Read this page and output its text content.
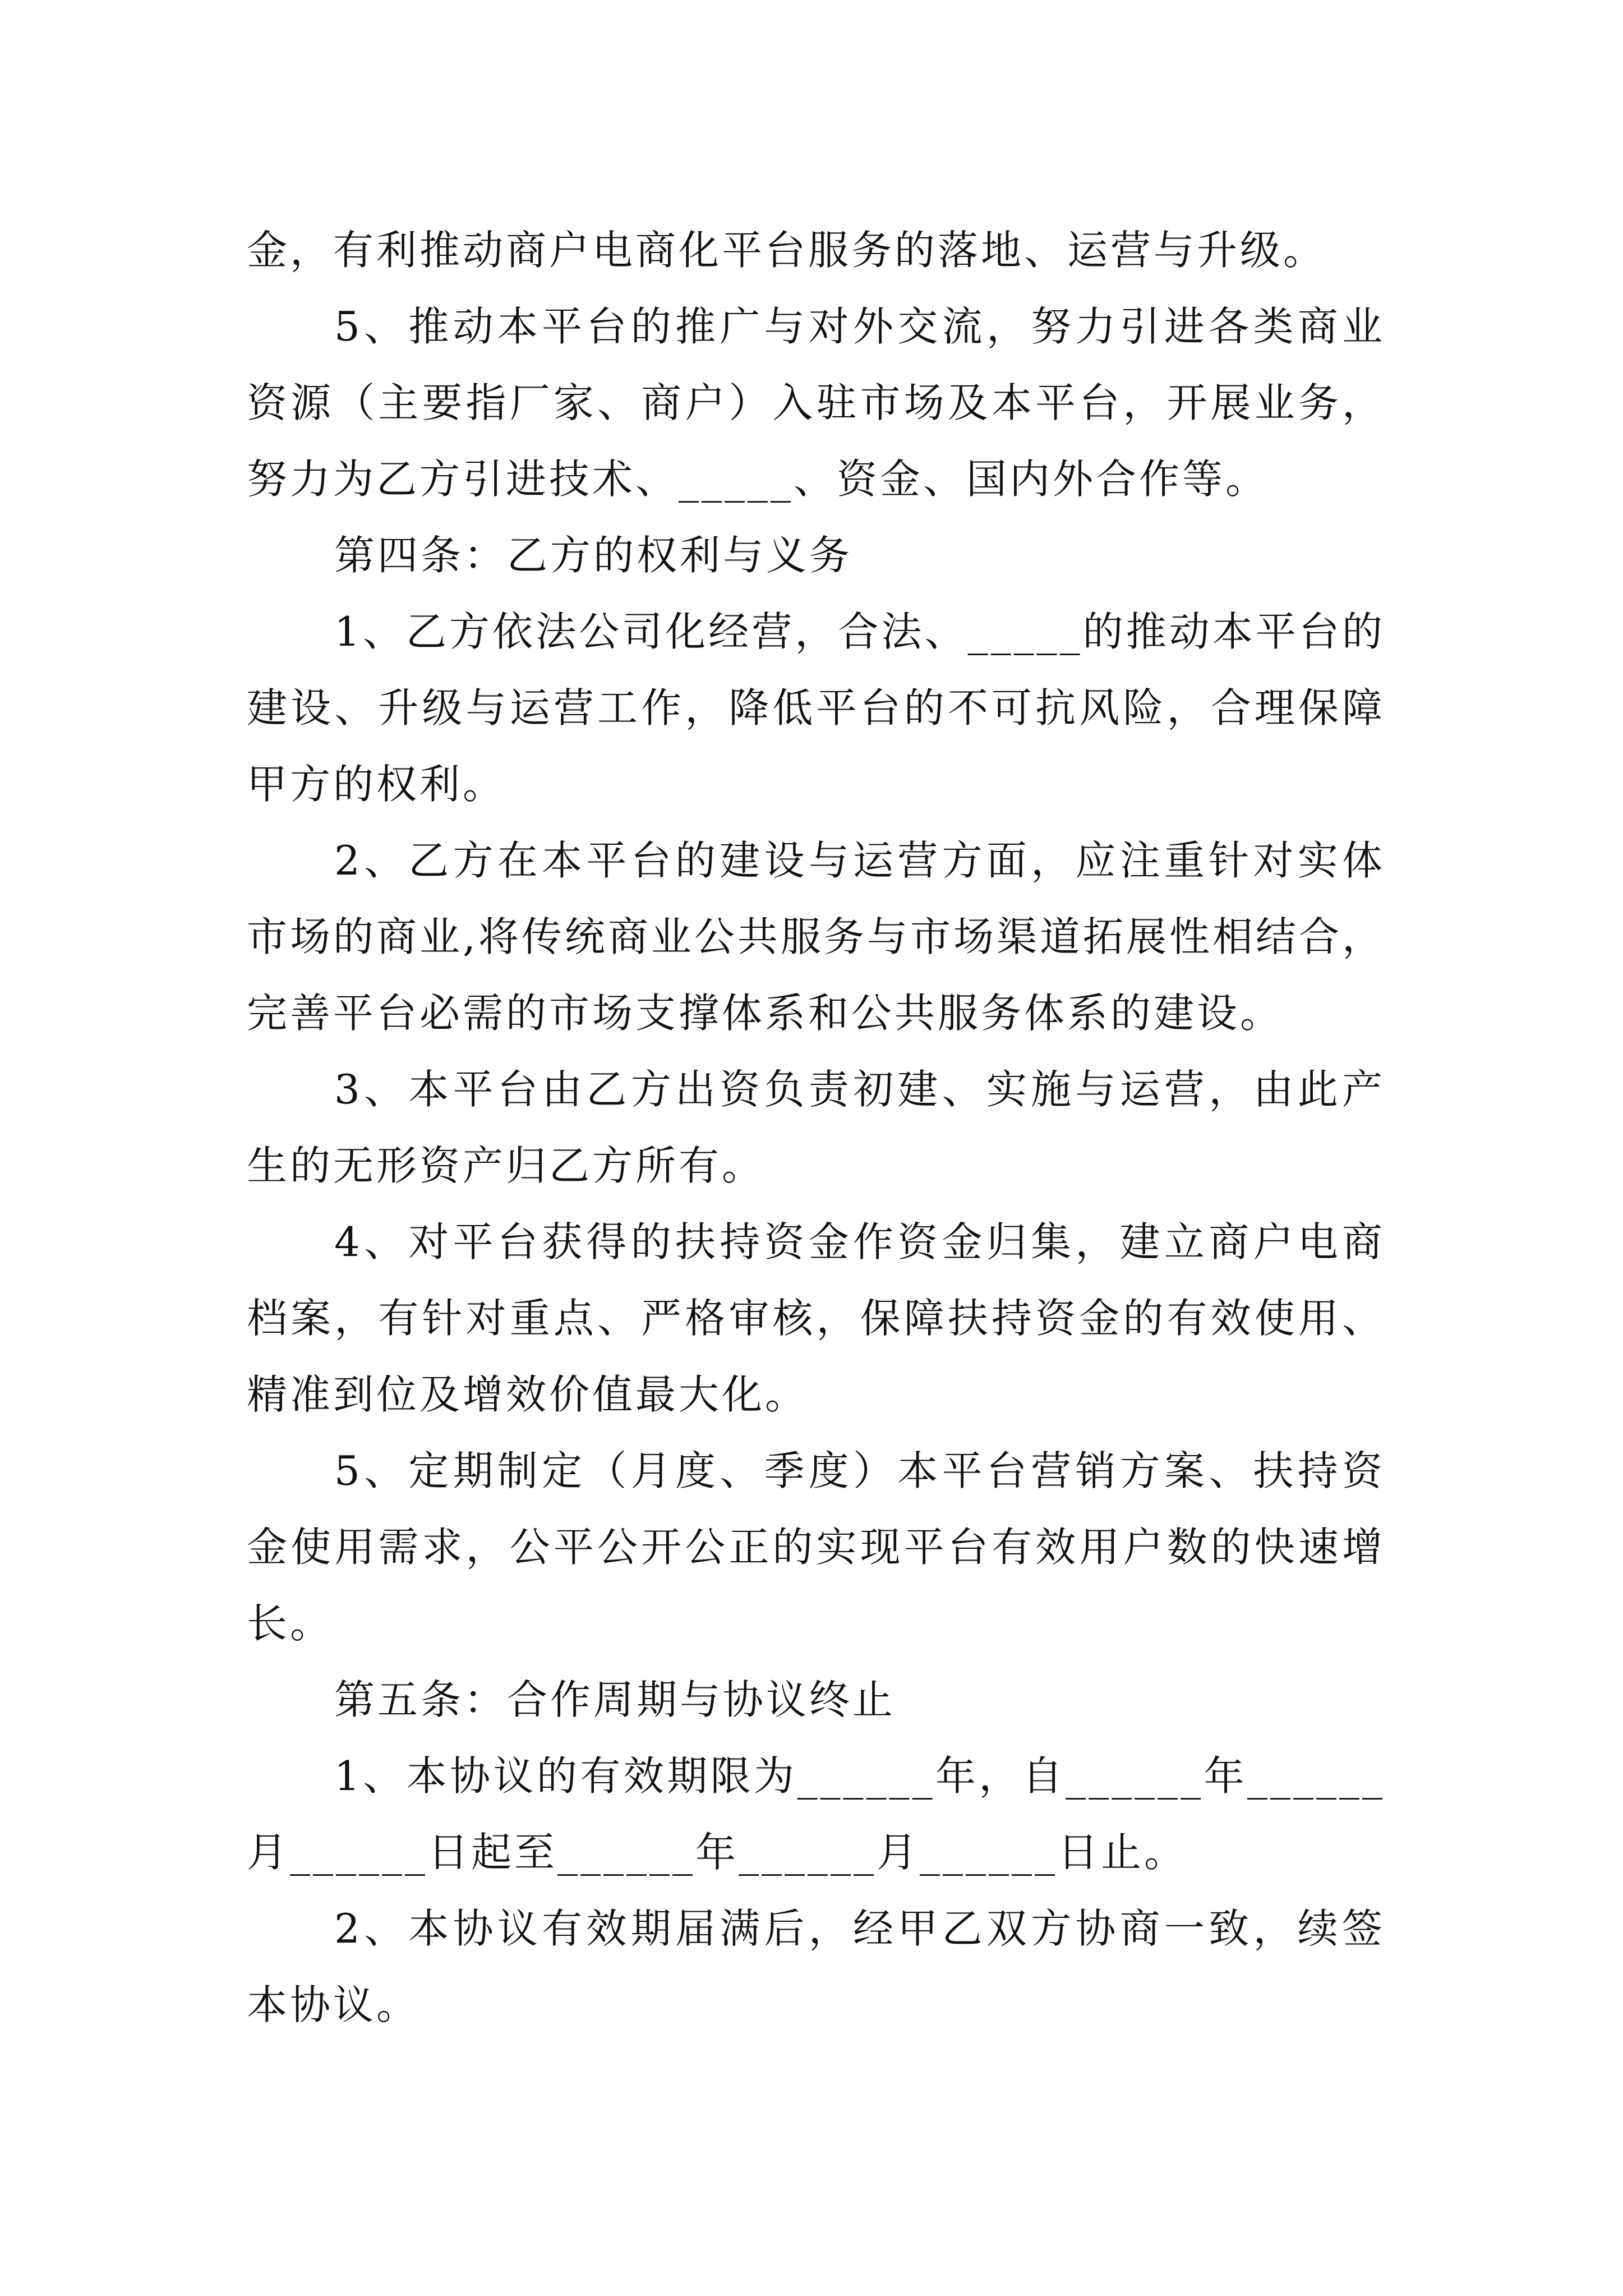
金，有利推动商户电商化平台服务的落地、运营与升级。

5、推动本平台的推广与对外交流，努力引进各类商业资源（主要指厂家、商户）入驻市场及本平台，开展业务，努力为乙方引进技术、_____、资金、国内外合作等。

第四条：乙方的权利与义务

1、乙方依法公司化经营，合法、_____的推动本平台的建设、升级与运营工作，降低平台的不可抗风险，合理保障甲方的权利。

2、乙方在本平台的建设与运营方面，应注重针对实体市场的商业,将传统商业公共服务与市场渠道拓展性相结合，完善平台必需的市场支撑体系和公共服务体系的建设。

3、本平台由乙方出资负责初建、实施与运营，由此产生的无形资产归乙方所有。

4、对平台获得的扶持资金作资金归集，建立商户电商档案，有针对重点、严格审核，保障扶持资金的有效使用、精准到位及增效价值最大化。

5、定期制定（月度、季度）本平台营销方案、扶持资金使用需求，公平公开公正的实现平台有效用户数的快速增长。

第五条：合作周期与协议终止

1、本协议的有效期限为______年，自______年______月______日起至______年______月______日止。

2、本协议有效期届满后，经甲乙双方协商一致，续签本协议。
